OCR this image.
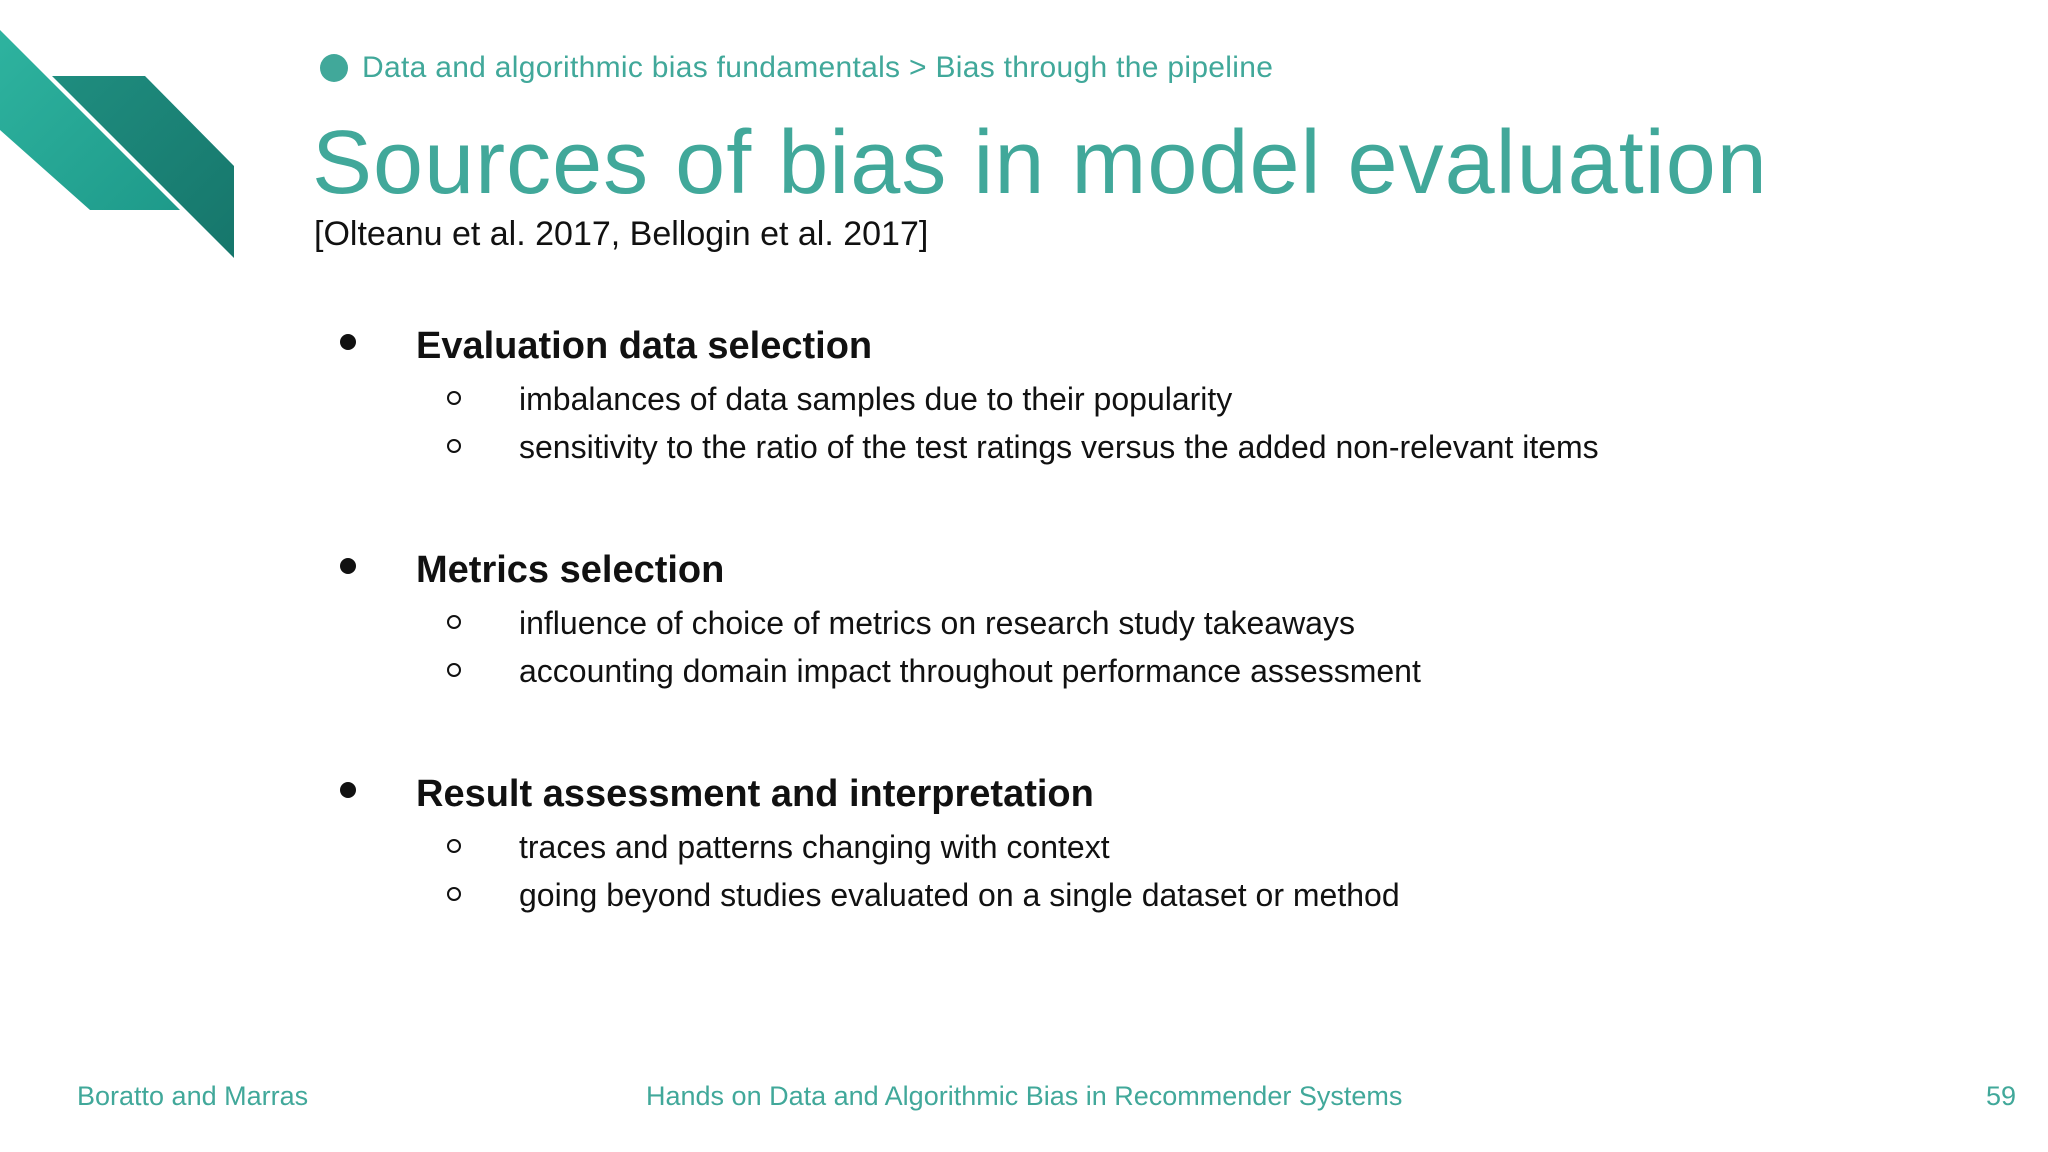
Data and algorithmic bias fundamentals > Bias through the pipeline
Sources of bias in model evaluation
[Olteanu et al. 2017, Bellogin et al. 2017]
Evaluation data selection
imbalances of data samples due to their popularity
sensitivity to the ratio of the test ratings versus the added non-relevant items
Metrics selection
influence of choice of metrics on research study takeaways
accounting domain impact throughout performance assessment
Result assessment and interpretation
traces and patterns changing with context
going beyond studies evaluated on a single dataset or method
Boratto and Marras	Hands on Data and Algorithmic Bias in Recommender Systems	59
